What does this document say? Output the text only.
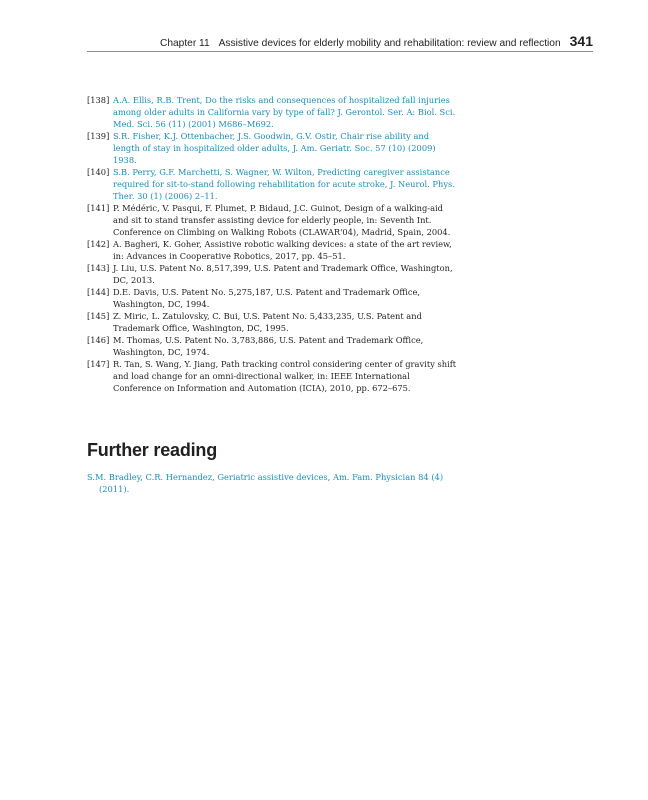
Chapter 11 Assistive devices for elderly mobility and rehabilitation: review and reflection 341
[138] A.A. Ellis, R.B. Trent, Do the risks and consequences of hospitalized fall injuries among older adults in California vary by type of fall? J. Gerontol. Ser. A: Biol. Sci. Med. Sci. 56 (11) (2001) M686–M692.
[139] S.R. Fisher, K.J. Ottenbacher, J.S. Goodwin, G.V. Ostir, Chair rise ability and length of stay in hospitalized older adults, J. Am. Geriatr. Soc. 57 (10) (2009) 1938.
[140] S.B. Perry, G.F. Marchetti, S. Wagner, W. Wilton, Predicting caregiver assistance required for sit-to-stand following rehabilitation for acute stroke, J. Neurol. Phys. Ther. 30 (1) (2006) 2–11.
[141] P. Médéric, V. Pasqui, F. Plumet, P. Bidaud, J.C. Guinot, Design of a walking-aid and sit to stand transfer assisting device for elderly people, in: Seventh Int. Conference on Climbing on Walking Robots (CLAWAR'04), Madrid, Spain, 2004.
[142] A. Bagheri, K. Goher, Assistive robotic walking devices: a state of the art review, in: Advances in Cooperative Robotics, 2017, pp. 45–51.
[143] J. Liu, U.S. Patent No. 8,517,399, U.S. Patent and Trademark Office, Washington, DC, 2013.
[144] D.E. Davis, U.S. Patent No. 5,275,187, U.S. Patent and Trademark Office, Washington, DC, 1994.
[145] Z. Miric, L. Zatulovsky, C. Bui, U.S. Patent No. 5,433,235, U.S. Patent and Trademark Office, Washington, DC, 1995.
[146] M. Thomas, U.S. Patent No. 3,783,886, U.S. Patent and Trademark Office, Washington, DC, 1974.
[147] R. Tan, S. Wang, Y. Jiang, Path tracking control considering center of gravity shift and load change for an omni-directional walker, in: IEEE International Conference on Information and Automation (ICIA), 2010, pp. 672–675.
Further reading

S.M. Bradley, C.R. Hernandez, Geriatric assistive devices, Am. Fam. Physician 84 (4) (2011).
